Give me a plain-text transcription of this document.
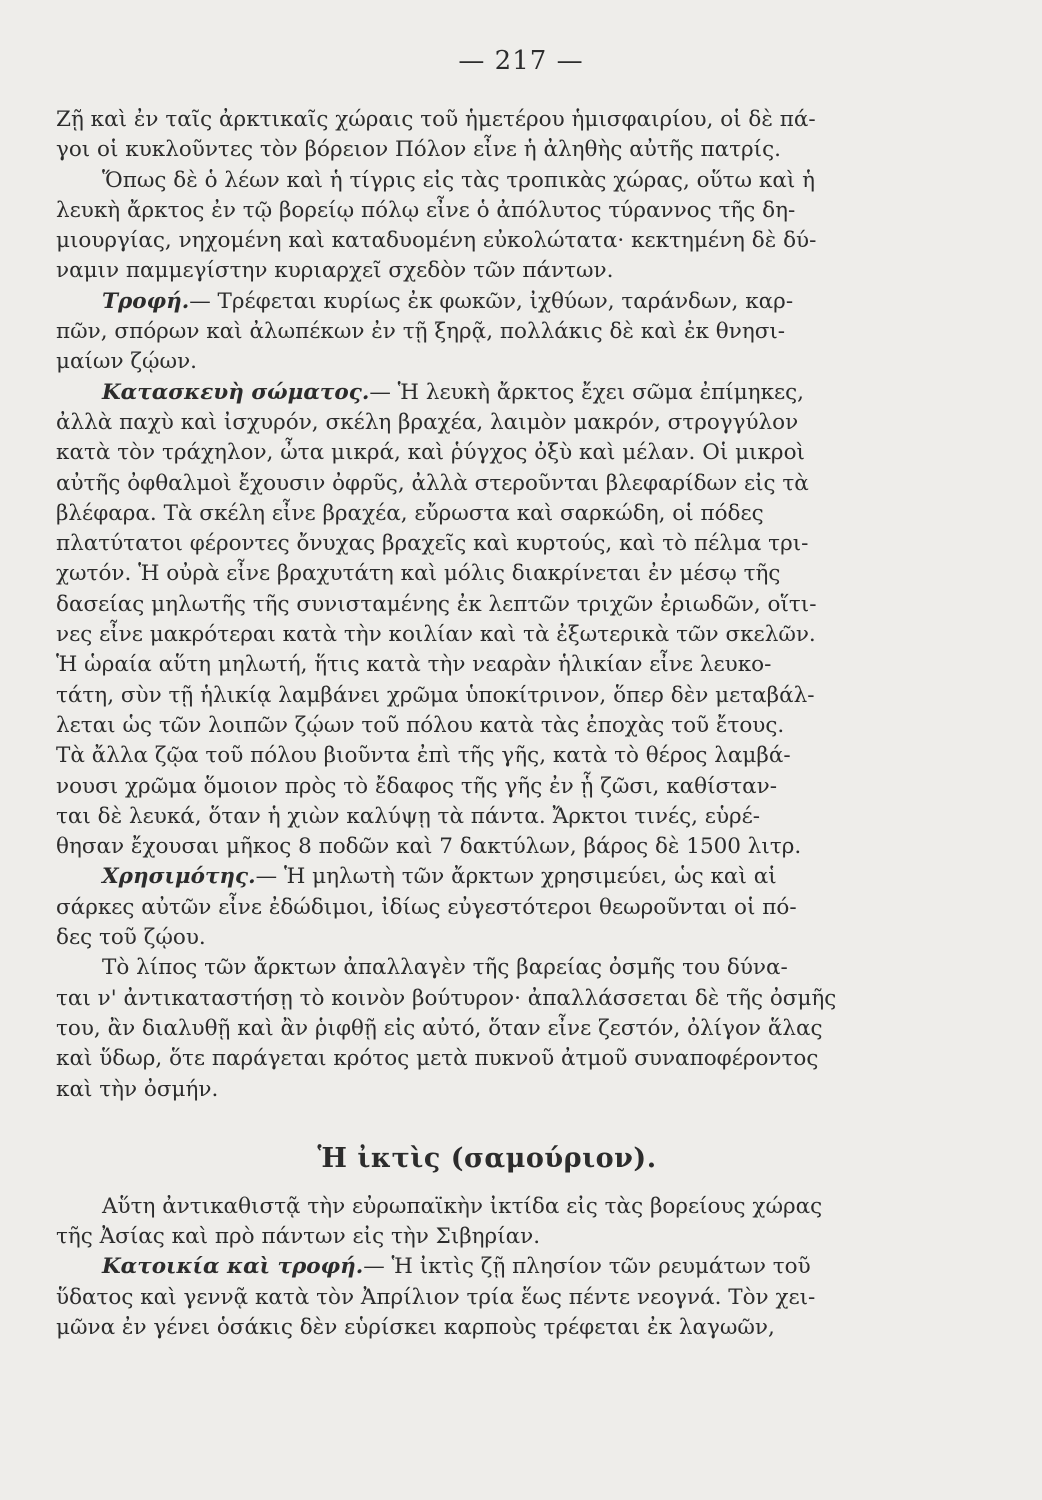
— 217 —

Ζῇ καὶ ἐν ταῖς ἀρκτικαῖς χώραις τοῦ ἡμετέρου ἡμισφαιρίου, οἱ δὲ πά-
γοι οἱ κυκλοῦντες τὸν βόρειον Πόλον εἶνε ἡ ἀληθὴς αὐτῆς πατρίς.
Ὅπως δὲ ὁ λέων καὶ ἡ τίγρις εἰς τὰς τροπικὰς χώρας, οὕτω καὶ ἡ
λευκὴ ἄρκτος ἐν τῷ βορείῳ πόλῳ εἶνε ὁ ἀπόλυτος τύραννος τῆς δη-
μιουργίας, νηχομένη καὶ καταδυομένη εὐκολώτατα· κεκτημένη δὲ δύ-
ναμιν παμμεγίστην κυριαρχεῖ σχεδὸν τῶν πάντων.

Τροφή.— Τρέφεται κυρίως ἐκ φωκῶν, ἰχθύων, ταράνδων, καρ-
πῶν, σπόρων καὶ ἀλωπέκων ἐν τῇ ξηρᾷ, πολλάκις δὲ καὶ ἐκ θνησι-
μαίων ζῴων.

Κατασκευὴ σώματος.— Ἡ λευκὴ ἄρκτος ἔχει σῶμα ἐπίμηκες,
ἀλλὰ παχὺ καὶ ἰσχυρόν, σκέλη βραχέα, λαιμὸν μακρόν, στρογγύλον
κατὰ τὸν τράχηλον, ὦτα μικρά, καὶ ῥύγχος ὀξὺ καὶ μέλαν. Οἱ μικροὶ
αὐτῆς ὀφθαλμοὶ ἔχουσιν ὀφρῦς, ἀλλὰ στεροῦνται βλεφαρίδων εἰς τὰ
βλέφαρα. Τὰ σκέλη εἶνε βραχέα, εὔρωστα καὶ σαρκώδη, οἱ πόδες
πλατύτατοι φέροντες ὄνυχας βραχεῖς καὶ κυρτούς, καὶ τὸ πέλμα τρι-
χωτόν. Ἡ οὐρὰ εἶνε βραχυτάτη καὶ μόλις διακρίνεται ἐν μέσῳ τῆς
δασείας μηλωτῆς τῆς συνισταμένης ἐκ λεπτῶν τριχῶν ἐριωδῶν, οἵτι-
νες εἶνε μακρότεραι κατὰ τὴν κοιλίαν καὶ τὰ ἐξωτερικὰ τῶν σκελῶν.
Ἡ ὡραία αὕτη μηλωτή, ἥτις κατὰ τὴν νεαρὰν ἡλικίαν εἶνε λευκο-
τάτη, σὺν τῇ ἡλικίᾳ λαμβάνει χρῶμα ὑποκίτρινον, ὅπερ δὲν μεταβάλ-
λεται ὡς τῶν λοιπῶν ζῴων τοῦ πόλου κατὰ τὰς ἐποχὰς τοῦ ἔτους.
Τὰ ἄλλα ζῷα τοῦ πόλου βιοῦντα ἐπὶ τῆς γῆς, κατὰ τὸ θέρος λαμβά-
νουσι χρῶμα ὅμοιον πρὸς τὸ ἔδαφος τῆς γῆς ἐν ᾗ ζῶσι, καθίσταν-
ται δὲ λευκά, ὅταν ἡ χιὼν καλύψῃ τὰ πάντα. Ἄρκτοι τινές, εὑρέ-
θησαν ἔχουσαι μῆκος 8 ποδῶν καὶ 7 δακτύλων, βάρος δὲ 1500 λιτρ.

Χρησιμότης.— Ἡ μηλωτὴ τῶν ἄρκτων χρησιμεύει, ὡς καὶ αἱ
σάρκες αὐτῶν εἶνε ἐδώδιμοι, ἰδίως εὐγεστότεροι θεωροῦνται οἱ πό-
δες τοῦ ζῴου.

Τὸ λίπος τῶν ἄρκτων ἀπαλλαγὲν τῆς βαρείας ὀσμῆς του δύνα-
ται ν' ἀντικαταστήσῃ τὸ κοινὸν βούτυρον· ἀπαλλάσσεται δὲ τῆς ὀσμῆς
του, ἂν διαλυθῇ καὶ ἂν ῥιφθῇ εἰς αὐτό, ὅταν εἶνε ζεστόν, ὀλίγον ἅλας
καὶ ὕδωρ, ὅτε παράγεται κρότος μετὰ πυκνοῦ ἀτμοῦ συναποφέροντος
καὶ τὴν ὀσμήν.

Ἡ ἰκτὶς (σαμούριον).

Αὕτη ἀντικαθιστᾷ τὴν εὐρωπαϊκὴν ἰκτίδα εἰς τὰς βορείους χώρας
τῆς Ἀσίας καὶ πρὸ πάντων εἰς τὴν Σιβηρίαν.

Κατοικία καὶ τροφή.— Ἡ ἰκτὶς ζῇ πλησίον τῶν ρευμάτων τοῦ
ὕδατος καὶ γεννᾷ κατὰ τὸν Ἀπρίλιον τρία ἕως πέντε νεογνά. Τὸν χει-
μῶνα ἐν γένει ὁσάκις δὲν εὑρίσκει καρποὺς τρέφεται ἐκ λαγωῶν,
